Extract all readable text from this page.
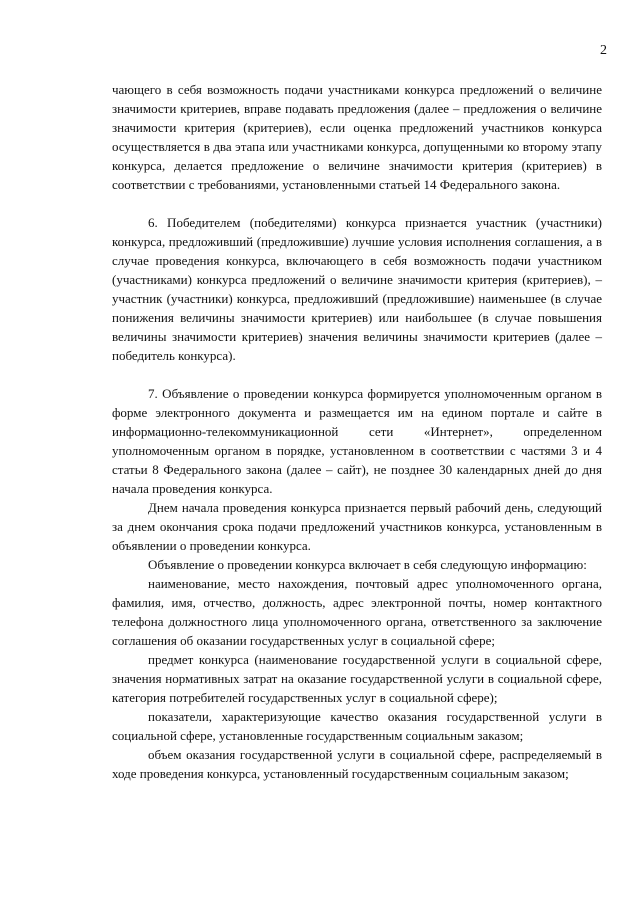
2

чающего в себя возможность подачи участниками конкурса предложений о величине значимости критериев, вправе подавать предложения (далее – предложения о величине значимости критерия (критериев), если оценка предложений участников конкурса осуществляется в два этапа или участниками конкурса, допущенными ко второму этапу конкурса, делается предложение о величине значимости критерия (критериев) в соответствии с требованиями, установленными статьей 14 Федерального закона.

6. Победителем (победителями) конкурса признается участник (участники) конкурса, предложивший (предложившие) лучшие условия исполнения соглашения, а в случае проведения конкурса, включающего в себя возможность подачи участником (участниками) конкурса предложений о величине значимости критерия (критериев), – участник (участники) конкурса, предложивший (предложившие) наименьшее (в случае понижения величины значимости критериев) или наибольшее (в случае повышения величины значимости критериев) значения величины значимости критериев (далее – победитель конкурса).

7. Объявление о проведении конкурса формируется уполномоченным органом в форме электронного документа и размещается им на едином портале и сайте в информационно-телекоммуникационной сети «Интернет», определенном уполномоченным органом в порядке, установленном в соответствии с частями 3 и 4 статьи 8 Федерального закона (далее – сайт), не позднее 30 календарных дней до дня начала проведения конкурса.

Днем начала проведения конкурса признается первый рабочий день, следующий за днем окончания срока подачи предложений участников конкурса, установленным в объявлении о проведении конкурса.

Объявление о проведении конкурса включает в себя следующую информацию:

наименование, место нахождения, почтовый адрес уполномоченного органа, фамилия, имя, отчество, должность, адрес электронной почты, номер контактного телефона должностного лица уполномоченного органа, ответственного за заключение соглашения об оказании государственных услуг в социальной сфере;

предмет конкурса (наименование государственной услуги в социальной сфере, значения нормативных затрат на оказание государственной услуги в социальной сфере, категория потребителей государственных услуг в социальной сфере);

показатели, характеризующие качество оказания государственной услуги в социальной сфере, установленные государственным социальным заказом;

объем оказания государственной услуги в социальной сфере, распределяемый в ходе проведения конкурса, установленный государственным социальным заказом;
